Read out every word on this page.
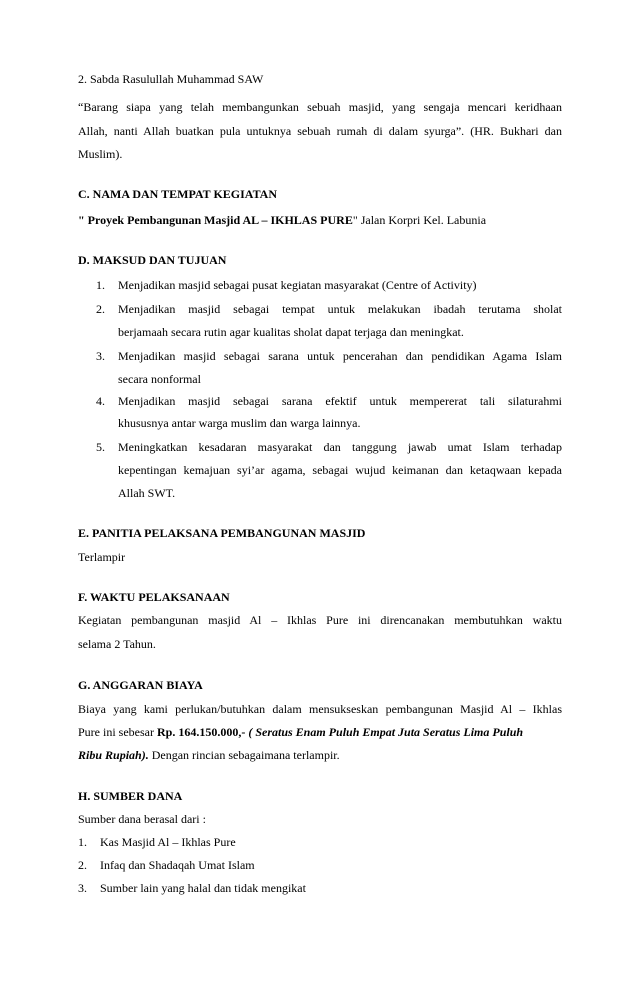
2. Sabda Rasulullah Muhammad SAW
“Barang siapa yang telah membangunkan sebuah masjid, yang sengaja mencari keridhaan
Allah, nanti Allah buatkan pula untuknya sebuah rumah di dalam syurga”. (HR. Bukhari dan
Muslim).
C. NAMA DAN TEMPAT KEGIATAN
" Proyek Pembangunan Masjid AL – IKHLAS PURE" Jalan Korpri Kel. Labunia
D. MAKSUD DAN TUJUAN
1. Menjadikan masjid sebagai pusat kegiatan masyarakat (Centre of Activity)
2. Menjadikan masjid sebagai tempat untuk melakukan ibadah terutama sholat
berjamaah secara rutin agar kualitas sholat dapat terjaga dan meningkat.
3. Menjadikan masjid sebagai sarana untuk pencerahan dan pendidikan Agama Islam
secara nonformal
4. Menjadikan masjid sebagai sarana efektif untuk mempererat tali silaturahmi
khususnya antar warga muslim dan warga lainnya.
5. Meningkatkan kesadaran masyarakat dan tanggung jawab umat Islam terhadap
kepentingan kemajuan syi’ar agama, sebagai wujud keimanan dan ketaqwaan kepada
Allah SWT.
E. PANITIA PELAKSANA PEMBANGUNAN MASJID
Terlampir
F. WAKTU PELAKSANAAN
Kegiatan pembangunan masjid Al – Ikhlas Pure ini direncanakan membutuhkan waktu
selama 2 Tahun.
G. ANGGARAN BIAYA
Biaya yang kami perlukan/butuhkan dalam mensukseskan pembangunan Masjid Al – Ikhlas
Pure ini sebesar Rp. 164.150.000,- ( Seratus Enam Puluh Empat Juta Seratus Lima Puluh
Ribu Rupiah). Dengan rincian sebagaimana terlampir.
H. SUMBER DANA
Sumber dana berasal dari :
1. Kas Masjid Al – Ikhlas Pure
2. Infaq dan Shadaqah Umat Islam
3. Sumber lain yang halal dan tidak mengikat
